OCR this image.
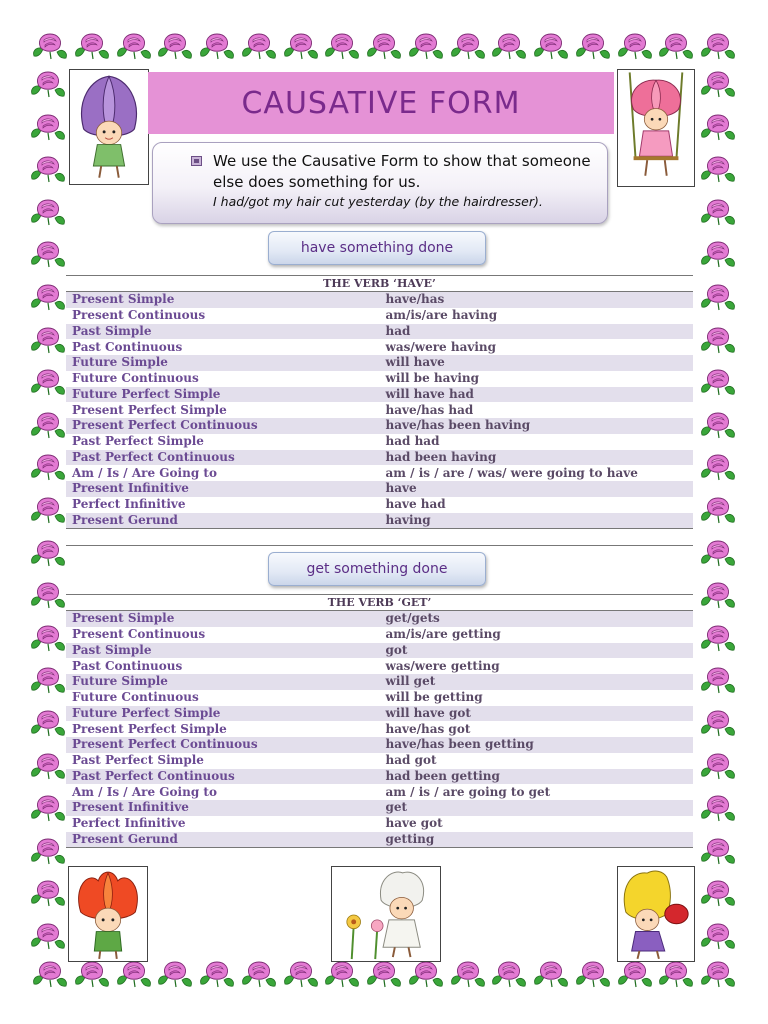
CAUSATIVE FORM
We use the Causative Form to show that someone
else does something for us.
I had/got my hair cut yesterday (by the hairdresser).
have something done
THE VERB ‘HAVE’	
Present Simple	have/has
Present Continuous	am/is/are having
Past Simple	had
Past Continuous	was/were having
Future Simple	will have
Future Continuous	will be having
Future Perfect Simple	will have had
Present Perfect Simple	have/has had
Present Perfect Continuous	have/has been having
Past Perfect Simple	had had
Past Perfect Continuous	had been having
Am / Is / Are Going to	am / is / are / was/ were going to have
Present Infinitive	have
Perfect Infinitive	have had
Present Gerund	having
get something done
THE VERB ‘GET’	
Present Simple	get/gets
Present Continuous	am/is/are getting
Past Simple	got
Past Continuous	was/were getting
Future Simple	will get
Future Continuous	will be getting
Future Perfect Simple	will have got
Present Perfect Simple	have/has got
Present Perfect Continuous	have/has been getting
Past Perfect Simple	had got
Past Perfect Continuous	had been getting
Am / Is / Are Going to	am / is / are going to get
Present Infinitive	get
Perfect Infinitive	have got
Present Gerund	getting
